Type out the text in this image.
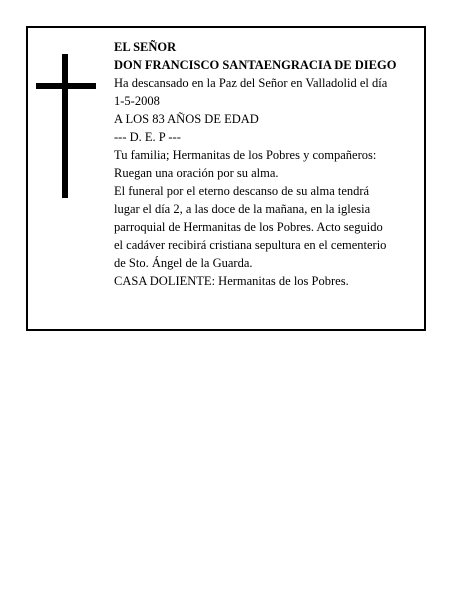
EL SEÑOR
DON FRANCISCO SANTAENGRACIA DE DIEGO
Ha descansado en la Paz del Señor en Valladolid el día
1-5-2008
A LOS 83 AÑOS DE EDAD
--- D. E. P ---
Tu familia; Hermanitas de los Pobres y compañeros:
Ruegan una oración por su alma.
El funeral por el eterno descanso de su alma tendrá
lugar el día 2, a las doce de la mañana, en la iglesia
parroquial de Hermanitas de los Pobres. Acto seguido
el cadáver recibirá cristiana sepultura en el cementerio
de Sto. Ángel de la Guarda.
CASA DOLIENTE: Hermanitas de los Pobres.
